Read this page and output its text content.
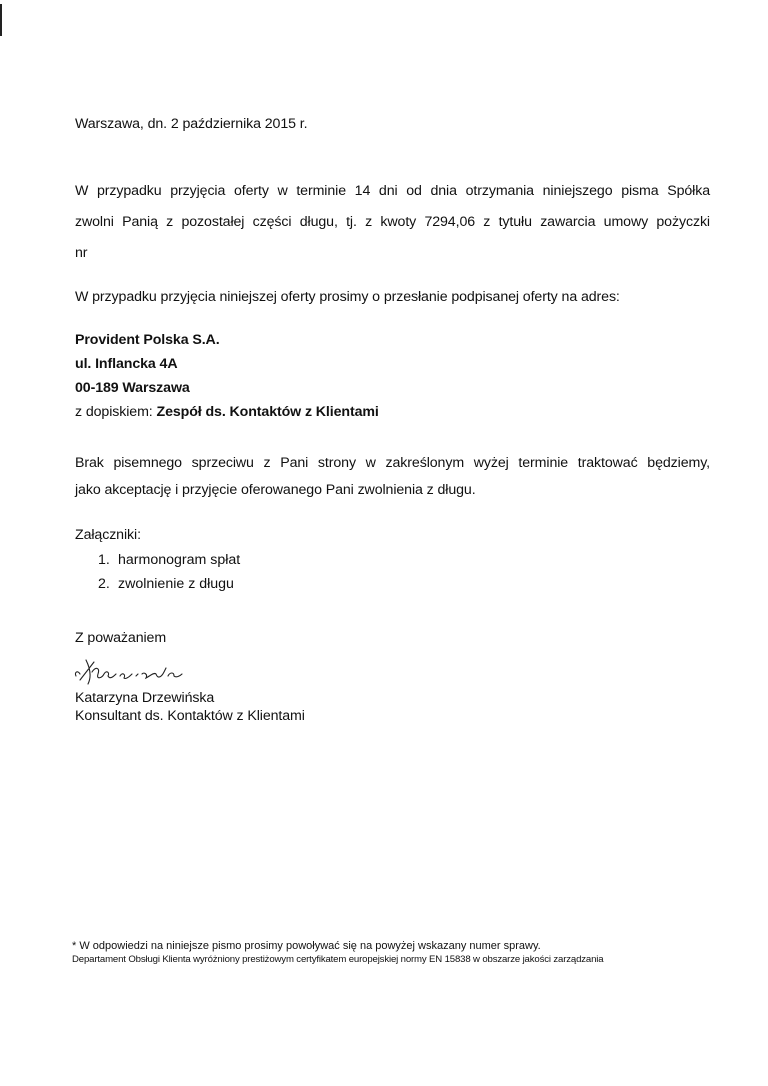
Warszawa, dn. 2 października 2015 r.
W przypadku przyjęcia oferty w terminie 14 dni od dnia otrzymania niniejszego pisma Spółka
zwolni Panią z pozostałej części długu, tj. z kwoty 7294,06 z tytułu zawarcia umowy pożyczki
nr
W przypadku przyjęcia niniejszej oferty prosimy o przesłanie podpisanej oferty na adres:
Provident Polska S.A.
ul. Inflancka 4A
00-189 Warszawa
z dopiskiem: Zespół ds. Kontaktów z Klientami
Brak pisemnego sprzeciwu z Pani strony w zakreślonym wyżej terminie traktować będziemy,
jako akceptację i przyjęcie oferowanego Pani zwolnienia z długu.
Załączniki:
1. harmonogram spłat
2. zwolnienie z długu
Z poważaniem
Katarzyna Drzewińska
Konsultant ds. Kontaktów z Klientami
* W odpowiedzi na niniejsze pismo prosimy powoływać się na powyżej wskazany numer sprawy.
Departament Obsługi Klienta wyróżniony prestiżowym certyfikatem europejskiej normy EN 15838 w obszarze jakości zarządzania
